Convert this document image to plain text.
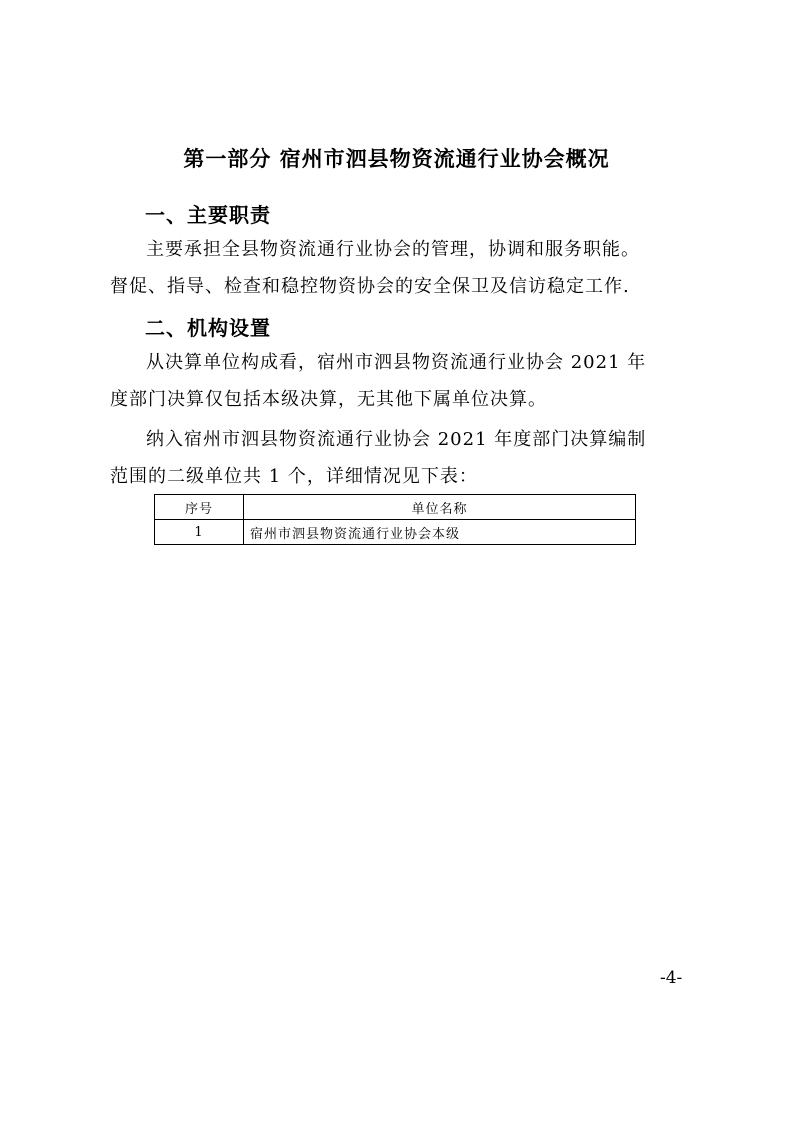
第一部分 宿州市泗县物资流通行业协会概况
一、主要职责
主要承担全县物资流通行业协会的管理，协调和服务职能。
督促、指导、检查和稳控物资协会的安全保卫及信访稳定工作.
二、机构设置
从决算单位构成看，宿州市泗县物资流通行业协会 2021 年
度部门决算仅包括本级决算，无其他下属单位决算。
纳入宿州市泗县物资流通行业协会 2021 年度部门决算编制
范围的二级单位共 1 个，详细情况见下表：
序号	单位名称
1	宿州市泗县物资流通行业协会本级
-4-
